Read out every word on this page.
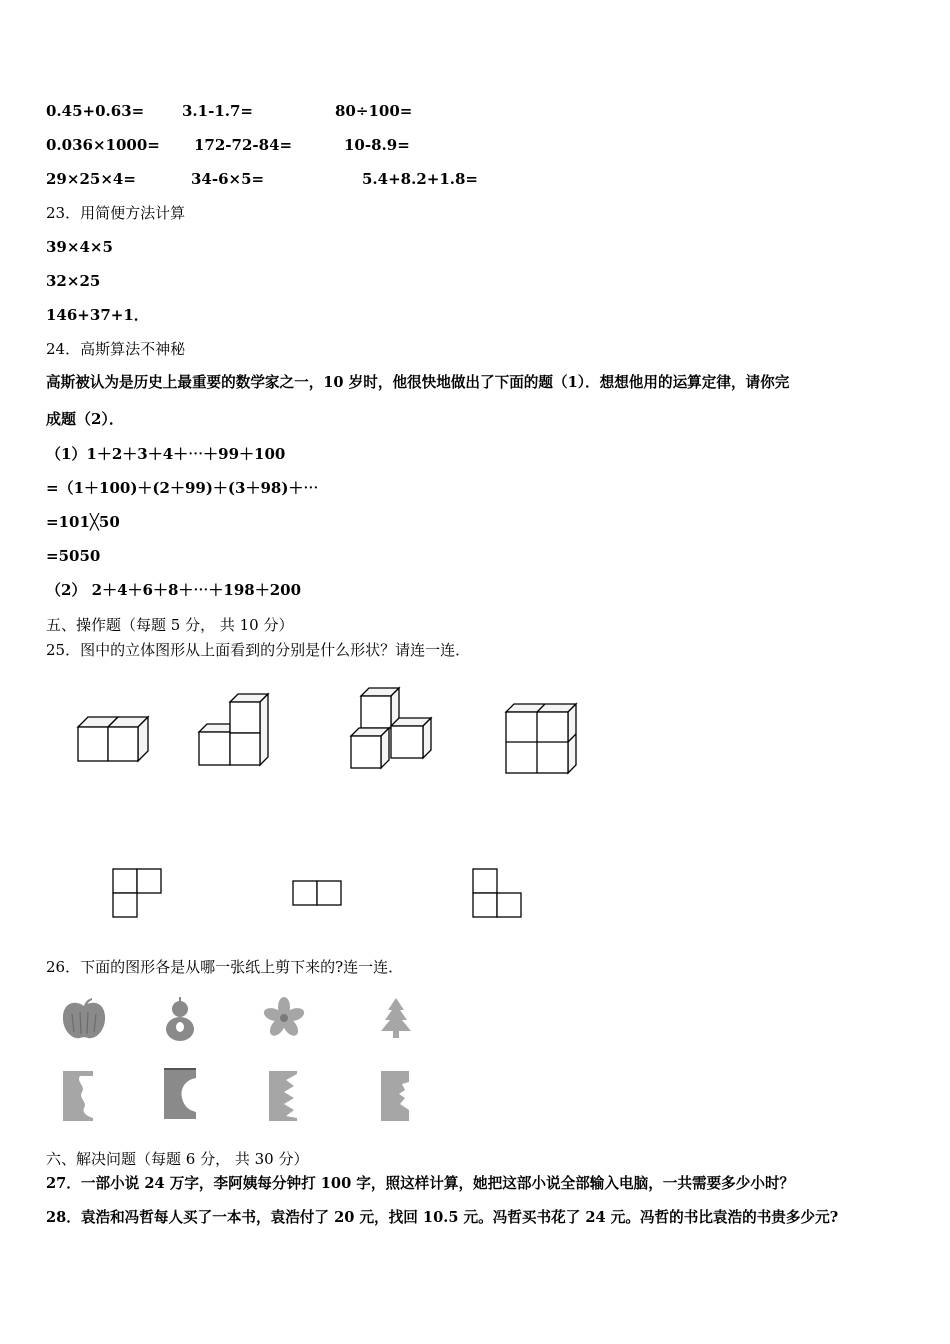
0.45+0.63=	3.1-1.7=	80÷100=
0.036×1000= 172-72-84=	10-8.9=
29×25×4=	34-6×5=	5.4+8.2+1.8=
23．用简便方法计算
39×4×5
32×25
146+37+1．
24．高斯算法不神秘
高斯被认为是历史上最重要的数学家之一，10 岁时，他很快地做出了下面的题（1）．想想他用的运算定律，请你完
成题（2）．
（1）1＋2＋3＋4＋⋯＋99＋100
=（1＋100)＋(2＋99)＋(3＋98)＋⋯
=101╳50
=5050
（2） 2＋4＋6＋8＋⋯＋198＋200
五、操作题（每题 5 分， 共 10 分）
25．图中的立体图形从上面看到的分别是什么形状？请连一连．
26．下面的图形各是从哪一张纸上剪下来的?连一连．
六、解决问题（每题 6 分， 共 30 分）
27．一部小说 24 万字，李阿姨每分钟打 100 字，照这样计算，她把这部小说全部输入电脑，一共需要多少小时？
28．袁浩和冯哲每人买了一本书，袁浩付了 20 元，找回 10.5 元。冯哲买书花了 24 元。冯哲的书比袁浩的书贵多少元?
